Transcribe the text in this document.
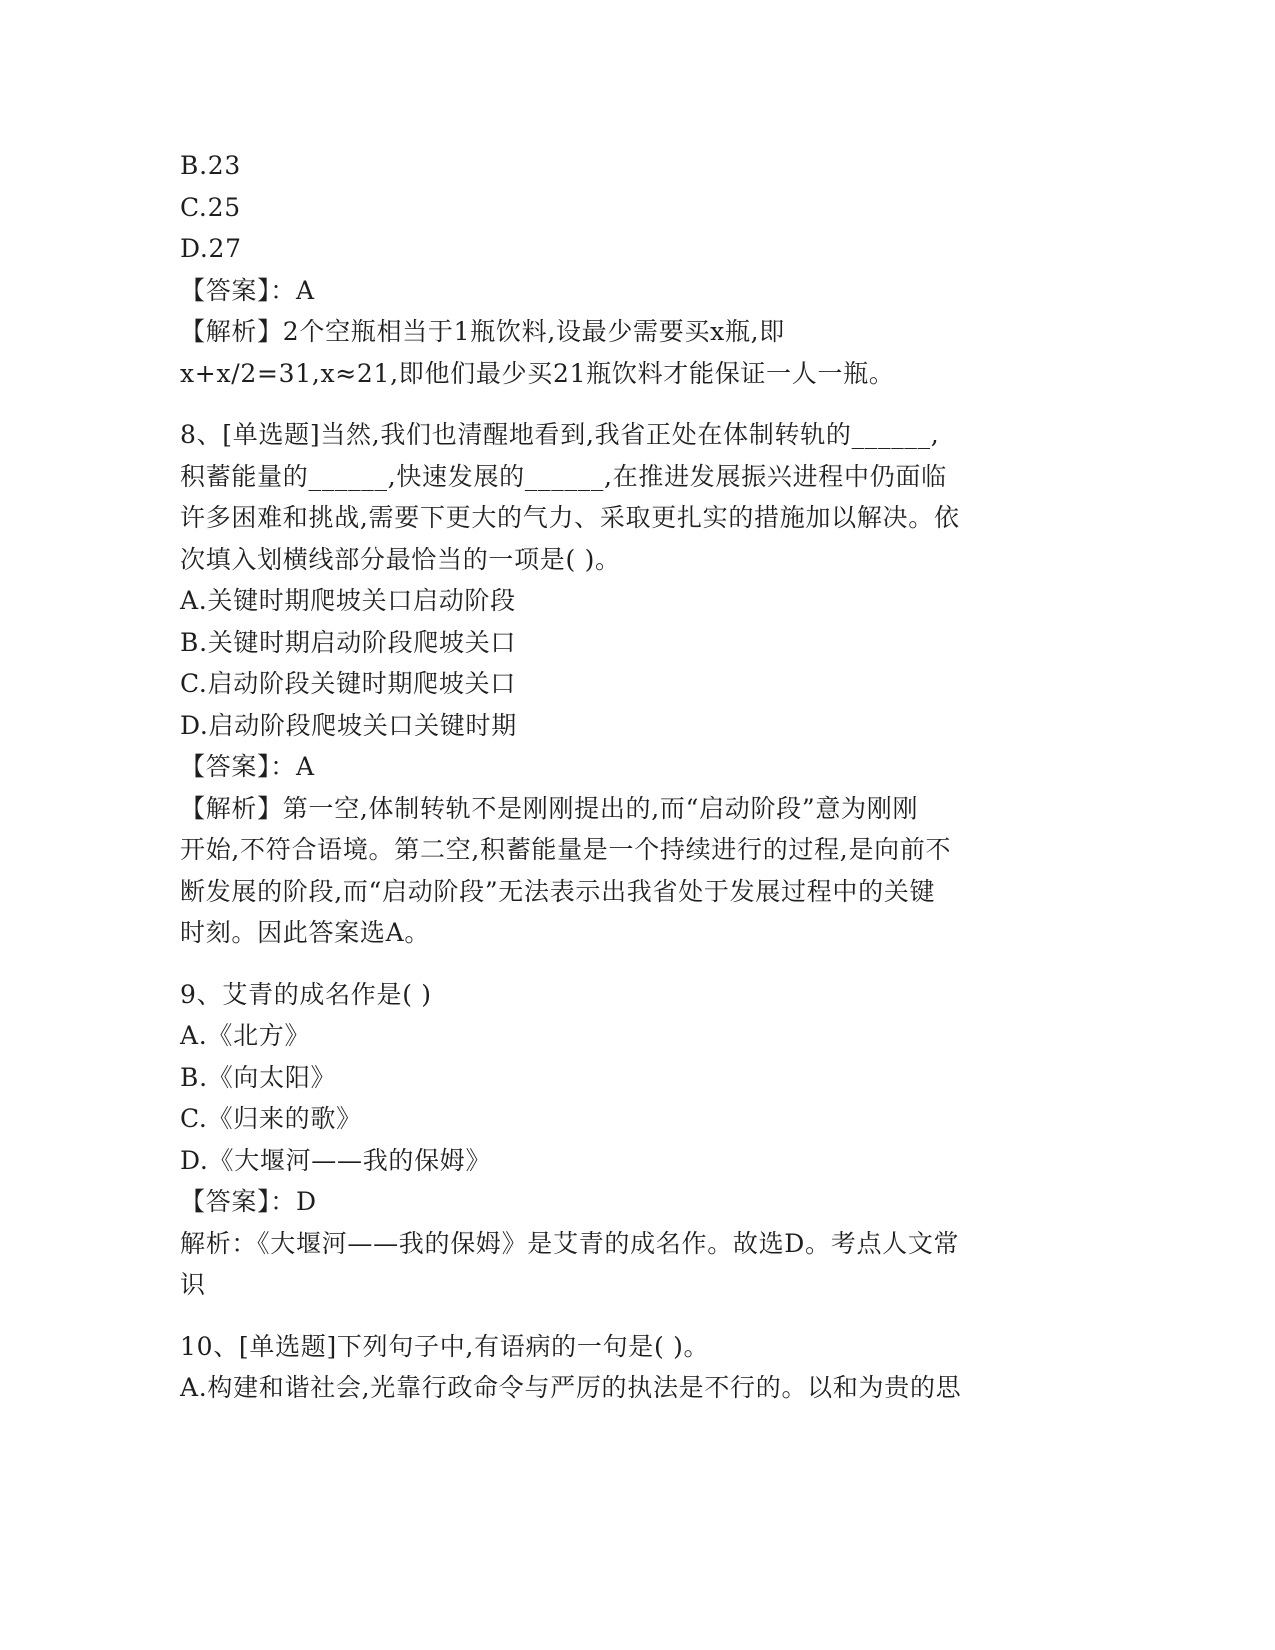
B.23
C.25
D.27
【答案】：A
【解析】2个空瓶相当于1瓶饮料,设最少需要买x瓶,即
x+x/2=31,x≈21,即他们最少买21瓶饮料才能保证一人一瓶。
8、[单选题]当然,我们也清醒地看到,我省正处在体制转轨的______,
积蓄能量的______,快速发展的______,在推进发展振兴进程中仍面临
许多困难和挑战,需要下更大的气力、采取更扎实的措施加以解决。依
次填入划横线部分最恰当的一项是( )。
A.关键时期爬坡关口启动阶段
B.关键时期启动阶段爬坡关口
C.启动阶段关键时期爬坡关口
D.启动阶段爬坡关口关键时期
【答案】：A
【解析】第一空,体制转轨不是刚刚提出的,而“启动阶段”意为刚刚
开始,不符合语境。第二空,积蓄能量是一个持续进行的过程,是向前不
断发展的阶段,而“启动阶段”无法表示出我省处于发展过程中的关键
时刻。因此答案选A。
9、艾青的成名作是( )
A.《北方》
B.《向太阳》
C.《归来的歌》
D.《大堰河——我的保姆》
【答案】：D
解析：《大堰河——我的保姆》是艾青的成名作。故选D。考点人文常
识
10、[单选题]下列句子中,有语病的一句是( )。
A.构建和谐社会,光靠行政命令与严厉的执法是不行的。以和为贵的思
